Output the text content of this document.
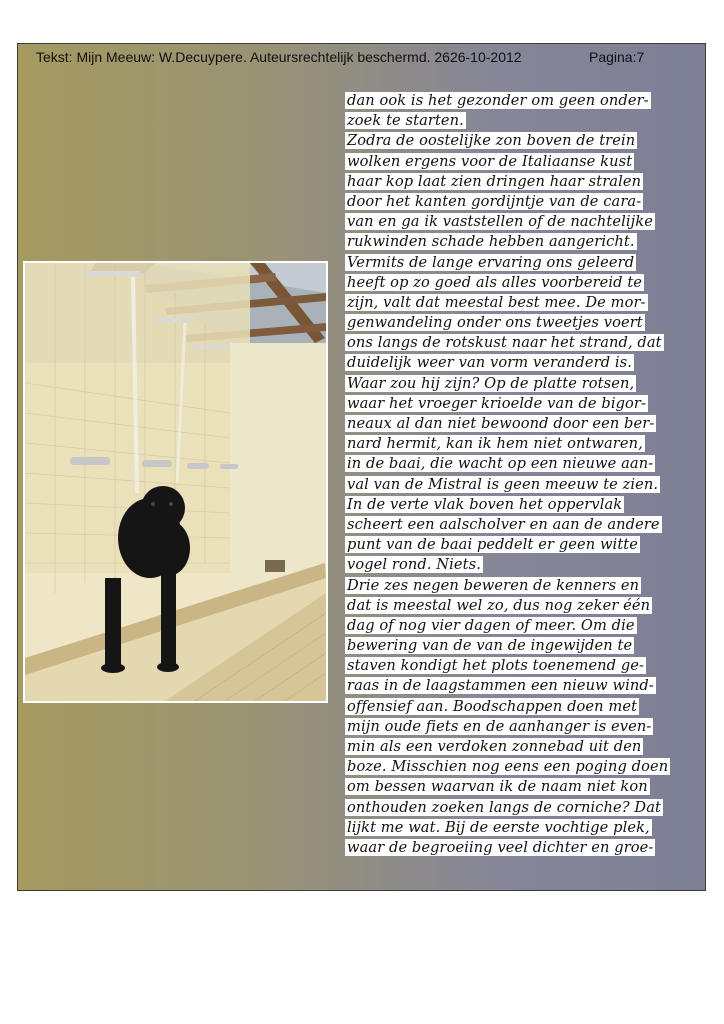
Tekst: Mijn Meeuw: W.Decuypere. Auteursrechtelijk beschermd. 2626-10-2012	Pagina:7
dan ook is het gezonder om geen onder-
zoek te starten.
Zodra de oostelijke zon boven de trein
wolken ergens voor de Italiaanse kust
haar kop laat zien dringen haar stralen
door het kanten gordijntje van de cara-
van en ga ik vaststellen of de nachtelijke
rukwinden schade hebben aangericht.
Vermits de lange ervaring ons geleerd
heeft op zo goed als alles voorbereid te
zijn, valt dat meestal best mee. De mor-
genwandeling onder ons tweetjes voert
ons langs de rotskust naar het strand, dat
duidelijk weer van vorm veranderd is.
Waar zou hij zijn? Op de platte rotsen,
waar het vroeger krioelde van de bigor-
neaux al dan niet bewoond door een ber-
nard hermit, kan ik hem niet ontwaren,
in de baai, die wacht op een nieuwe aan-
val van de Mistral is geen meeuw te zien.
In de verte vlak boven het oppervlak
scheert een aalscholver en aan de andere
punt van de baai peddelt er geen witte
vogel rond. Niets.
Drie zes negen beweren de kenners en
dat is meestal wel zo, dus nog zeker één
dag of nog vier dagen of meer. Om die
bewering van de van de ingewijden te
staven kondigt het plots toenemend ge-
raas in de laagstammen een nieuw wind-
offensief aan. Boodschappen doen met
mijn oude fiets en de aanhanger is even-
min als een verdoken zonnebad uit den
boze. Misschien nog eens een poging doen
om bessen waarvan ik de naam niet kon
onthouden zoeken langs de corniche? Dat
lijkt me wat. Bij de eerste vochtige plek,
waar de begroeiing veel dichter en groe-
